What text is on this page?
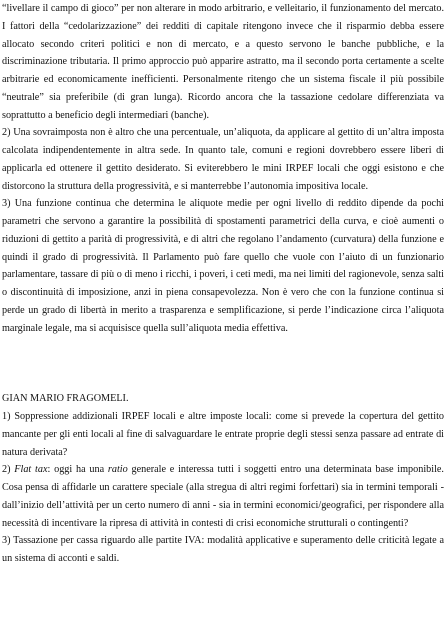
“livellare il campo di gioco” per non alterare in modo arbitrario, e velleitario, il funzionamento del mercato. I fattori della “cedolarizzazione” dei redditi di capitale ritengono invece che il risparmio debba essere allocato secondo criteri politici e non di mercato, e a questo servono le banche pubbliche, e la discriminazione tributaria. Il primo approccio può apparire astratto, ma il secondo porta certamente a scelte arbitrarie ed economicamente inefficienti. Personalmente ritengo che un sistema fiscale il più possibile “neutrale” sia preferibile (di gran lunga). Ricordo ancora che la tassazione cedolare differenziata va soprattutto a beneficio degli intermediari (banche).

2) Una sovraimposta non è altro che una percentuale, un’aliquota, da applicare al gettito di un’altra imposta calcolata indipendentemente in altra sede. In quanto tale, comuni e regioni dovrebbero essere liberi di applicarla ed ottenere il gettito desiderato. Si eviterebbero le mini IRPEF locali che oggi esistono e che distorcono la struttura della progressività, e si manterrebbe l’autonomia impositiva locale.

3) Una funzione continua che determina le aliquote medie per ogni livello di reddito dipende da pochi parametri che servono a garantire la possibilità di spostamenti parametrici della curva, e cioè aumenti o riduzioni di gettito a parità di progressività, e di altri che regolano l’andamento (curvatura) della funzione e quindi il grado di progressività. Il Parlamento può fare quello che vuole con l’aiuto di un funzionario parlamentare, tassare di più o di meno i ricchi, i poveri, i ceti medi, ma nei limiti del ragionevole, senza salti o discontinuità di imposizione, anzi in piena consapevolezza. Non è vero che con la funzione continua si perde un grado di libertà in merito a trasparenza e semplificazione, si perde l’indicazione circa l’aliquota marginale legale, ma si acquisisce quella sull’aliquota media effettiva.

GIAN MARIO FRAGOMELI.

1) Soppressione addizionali IRPEF locali e altre imposte locali: come si prevede la copertura del gettito mancante per gli enti locali al fine di salvaguardare le entrate proprie degli stessi senza passare ad entrate di natura derivata?

2) Flat tax: oggi ha una ratio generale e interessa tutti i soggetti entro una determinata base imponibile. Cosa pensa di affidarle un carattere speciale (alla stregua di altri regimi forfettari) sia in termini temporali - dall’inizio dell’attività per un certo numero di anni - sia in termini economici/geografici, per rispondere alla necessità di incentivare la ripresa di attività in contesti di crisi economiche strutturali o contingenti?

3) Tassazione per cassa riguardo alle partite IVA: modalità applicative e superamento delle criticità legate a un sistema di acconti e saldi.
